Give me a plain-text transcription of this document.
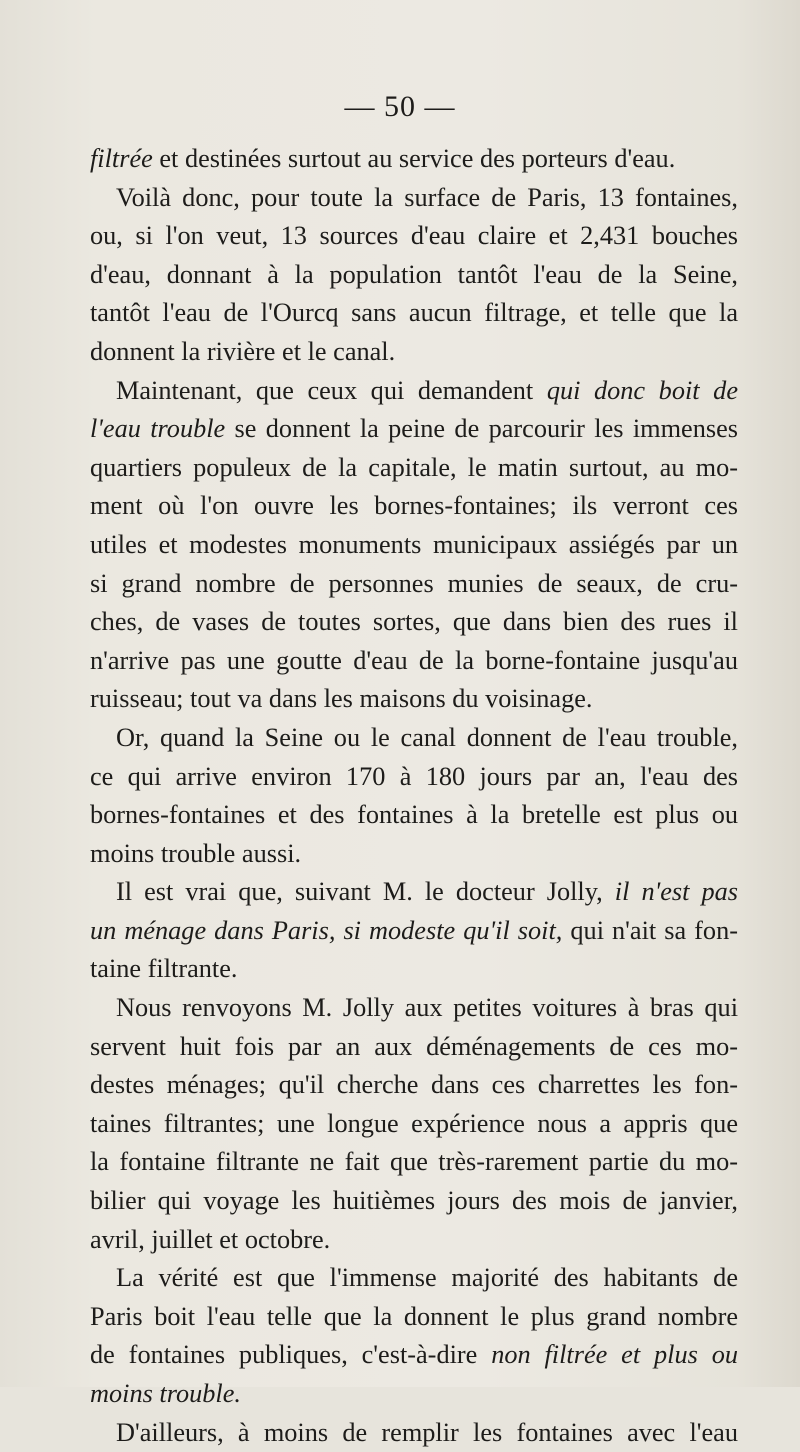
— 50 —
filtrée et destinées surtout au service des porteurs d'eau.
Voilà donc, pour toute la surface de Paris, 13 fontaines,
ou, si l'on veut, 13 sources d'eau claire et 2,431 bouches
d'eau, donnant à la population tantôt l'eau de la Seine,
tantôt l'eau de l'Ourcq sans aucun filtrage, et telle que la
donnent la rivière et le canal.
Maintenant, que ceux qui demandent qui donc boit de
l'eau trouble se donnent la peine de parcourir les immenses
quartiers populeux de la capitale, le matin surtout, au mo-
ment où l'on ouvre les bornes-fontaines; ils verront ces
utiles et modestes monuments municipaux assiégés par un
si grand nombre de personnes munies de seaux, de cru-
ches, de vases de toutes sortes, que dans bien des rues il
n'arrive pas une goutte d'eau de la borne-fontaine jusqu'au
ruisseau; tout va dans les maisons du voisinage.
Or, quand la Seine ou le canal donnent de l'eau trouble,
ce qui arrive environ 170 à 180 jours par an, l'eau des
bornes-fontaines et des fontaines à la bretelle est plus ou
moins trouble aussi.
Il est vrai que, suivant M. le docteur Jolly, il n'est pas
un ménage dans Paris, si modeste qu'il soit, qui n'ait sa fon-
taine filtrante.
Nous renvoyons M. Jolly aux petites voitures à bras qui
servent huit fois par an aux déménagements de ces mo-
destes ménages; qu'il cherche dans ces charrettes les fon-
taines filtrantes; une longue expérience nous a appris que
la fontaine filtrante ne fait que très-rarement partie du mo-
bilier qui voyage les huitièmes jours des mois de janvier,
avril, juillet et octobre.
La vérité est que l'immense majorité des habitants de
Paris boit l'eau telle que la donnent le plus grand nombre
de fontaines publiques, c'est-à-dire non filtrée et plus ou
moins trouble.
D'ailleurs, à moins de remplir les fontaines avec l'eau
